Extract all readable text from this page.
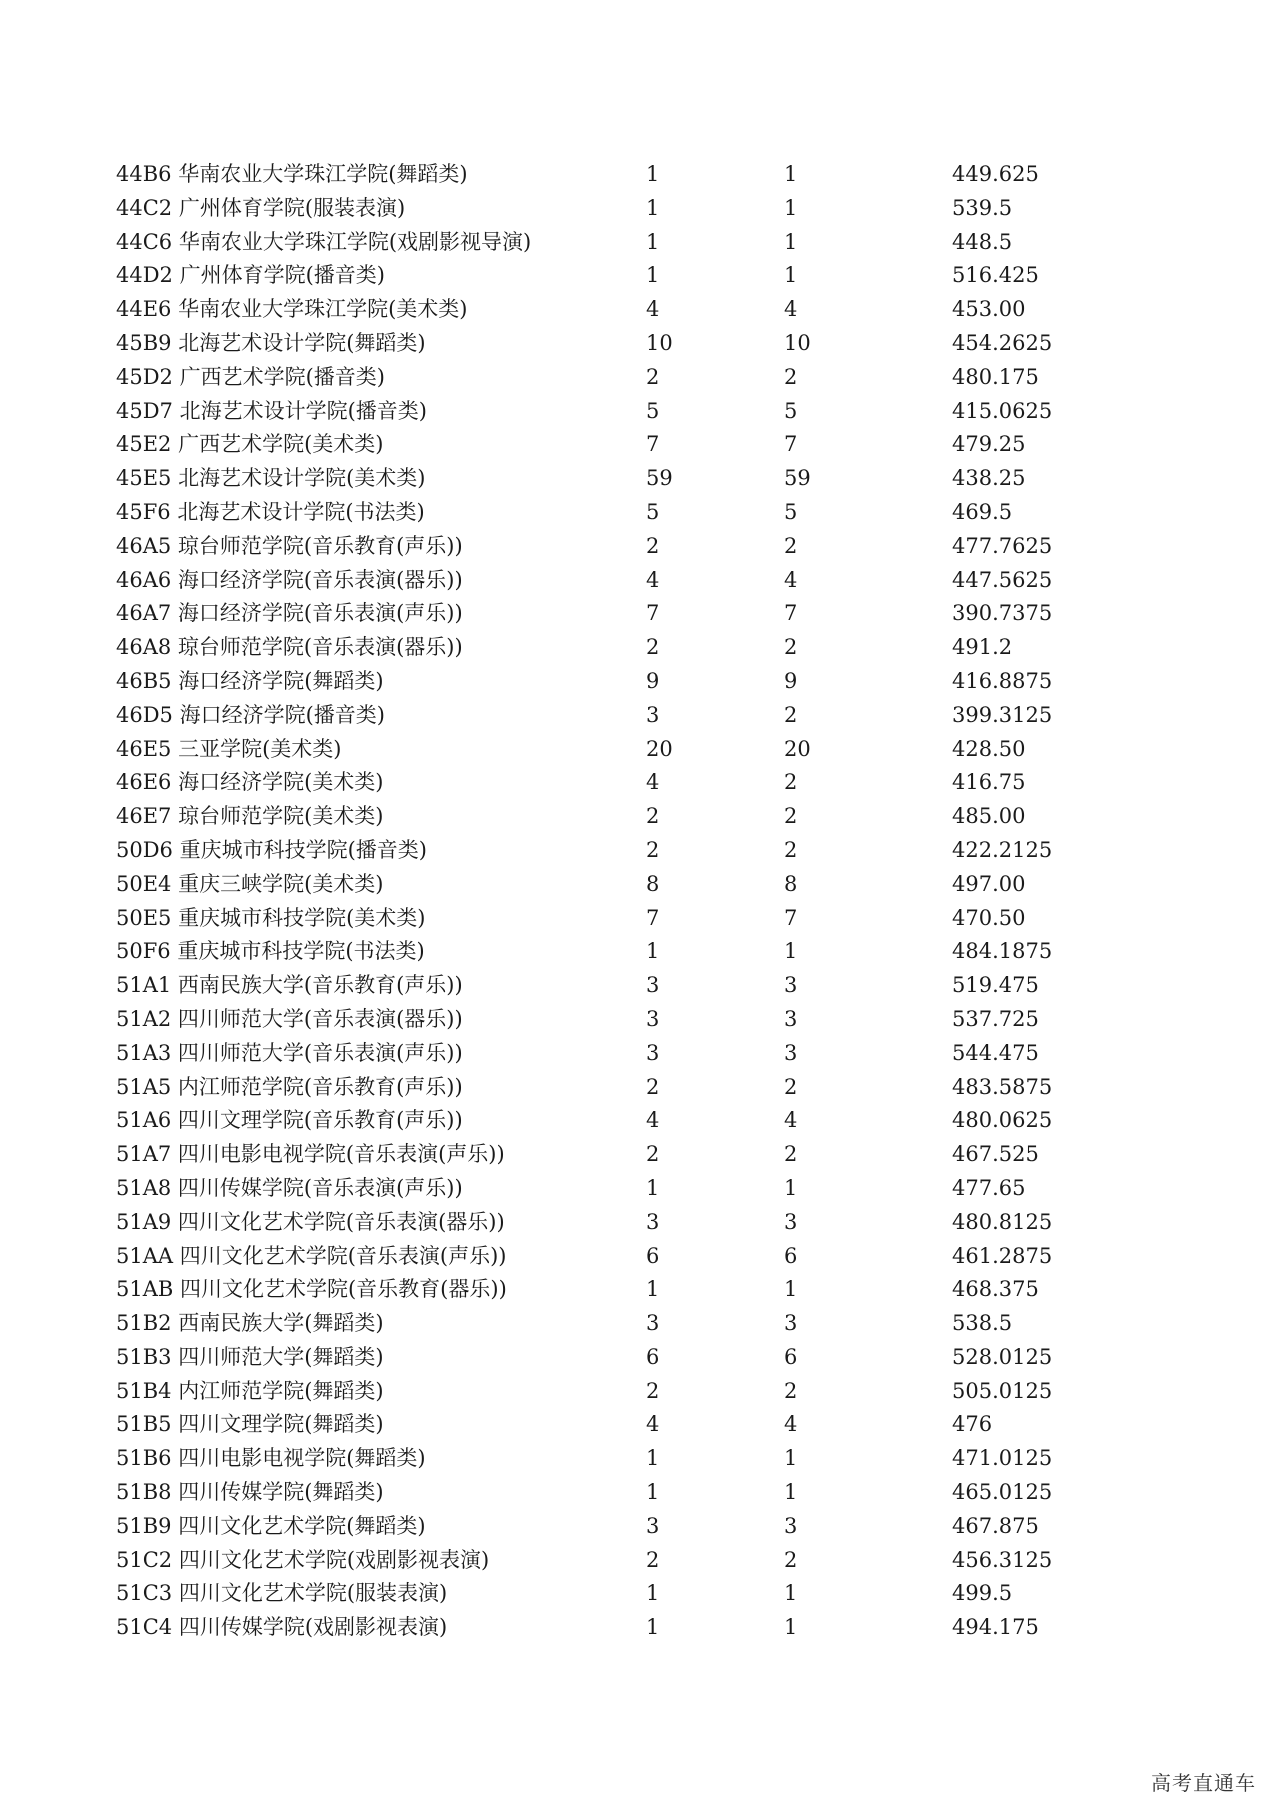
44B6 华南农业大学珠江学院(舞蹈类)	1	1	449.625
44C2 广州体育学院(服装表演)	1	1	539.5
44C6 华南农业大学珠江学院(戏剧影视导演)	1	1	448.5
44D2 广州体育学院(播音类)	1	1	516.425
44E6 华南农业大学珠江学院(美术类)	4	4	453.00
45B9 北海艺术设计学院(舞蹈类)	10	10	454.2625
45D2 广西艺术学院(播音类)	2	2	480.175
45D7 北海艺术设计学院(播音类)	5	5	415.0625
45E2 广西艺术学院(美术类)	7	7	479.25
45E5 北海艺术设计学院(美术类)	59	59	438.25
45F6 北海艺术设计学院(书法类)	5	5	469.5
46A5 琼台师范学院(音乐教育(声乐))	2	2	477.7625
46A6 海口经济学院(音乐表演(器乐))	4	4	447.5625
46A7 海口经济学院(音乐表演(声乐))	7	7	390.7375
46A8 琼台师范学院(音乐表演(器乐))	2	2	491.2
46B5 海口经济学院(舞蹈类)	9	9	416.8875
46D5 海口经济学院(播音类)	3	2	399.3125
46E5 三亚学院(美术类)	20	20	428.50
46E6 海口经济学院(美术类)	4	2	416.75
46E7 琼台师范学院(美术类)	2	2	485.00
50D6 重庆城市科技学院(播音类)	2	2	422.2125
50E4 重庆三峡学院(美术类)	8	8	497.00
50E5 重庆城市科技学院(美术类)	7	7	470.50
50F6 重庆城市科技学院(书法类)	1	1	484.1875
51A1 西南民族大学(音乐教育(声乐))	3	3	519.475
51A2 四川师范大学(音乐表演(器乐))	3	3	537.725
51A3 四川师范大学(音乐表演(声乐))	3	3	544.475
51A5 内江师范学院(音乐教育(声乐))	2	2	483.5875
51A6 四川文理学院(音乐教育(声乐))	4	4	480.0625
51A7 四川电影电视学院(音乐表演(声乐))	2	2	467.525
51A8 四川传媒学院(音乐表演(声乐))	1	1	477.65
51A9 四川文化艺术学院(音乐表演(器乐))	3	3	480.8125
51AA 四川文化艺术学院(音乐表演(声乐))	6	6	461.2875
51AB 四川文化艺术学院(音乐教育(器乐))	1	1	468.375
51B2 西南民族大学(舞蹈类)	3	3	538.5
51B3 四川师范大学(舞蹈类)	6	6	528.0125
51B4 内江师范学院(舞蹈类)	2	2	505.0125
51B5 四川文理学院(舞蹈类)	4	4	476
51B6 四川电影电视学院(舞蹈类)	1	1	471.0125
51B8 四川传媒学院(舞蹈类)	1	1	465.0125
51B9 四川文化艺术学院(舞蹈类)	3	3	467.875
51C2 四川文化艺术学院(戏剧影视表演)	2	2	456.3125
51C3 四川文化艺术学院(服装表演)	1	1	499.5
51C4 四川传媒学院(戏剧影视表演)	1	1	494.175
高考直通车
